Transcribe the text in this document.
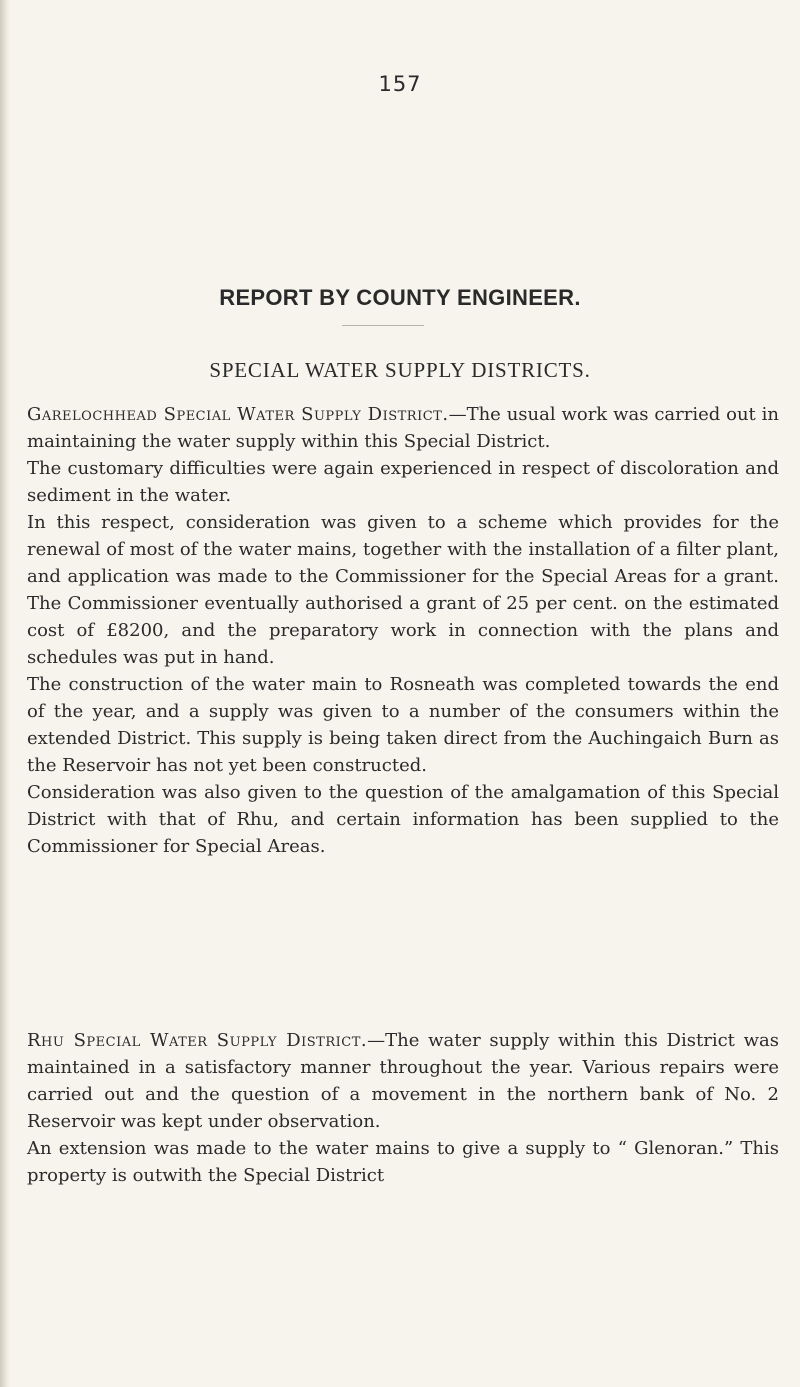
157
REPORT BY COUNTY ENGINEER.
SPECIAL WATER SUPPLY DISTRICTS.

Garelochhead Special Water Supply District.—The usual work was carried out in maintaining the water supply within this Special District.

The customary difficulties were again experienced in respect of discoloration and sediment in the water.

In this respect, consideration was given to a scheme which provides for the renewal of most of the water mains, together with the installation of a filter plant, and application was made to the Commissioner for the Special Areas for a grant. The Commissioner eventually authorised a grant of 25 per cent. on the estimated cost of £8200, and the preparatory work in connection with the plans and schedules was put in hand.

The construction of the water main to Rosneath was completed towards the end of the year, and a supply was given to a number of the consumers within the extended District. This supply is being taken direct from the Auchingaich Burn as the Reservoir has not yet been constructed.

Consideration was also given to the question of the amalgamation of this Special District with that of Rhu, and certain information has been supplied to the Commissioner for Special Areas.

Rhu Special Water Supply District.—The water supply within this District was maintained in a satisfactory manner throughout the year. Various repairs were carried out and the question of a movement in the northern bank of No. 2 Reservoir was kept under observation.

An extension was made to the water mains to give a supply to “ Glenoran.” This property is outwith the Special District
